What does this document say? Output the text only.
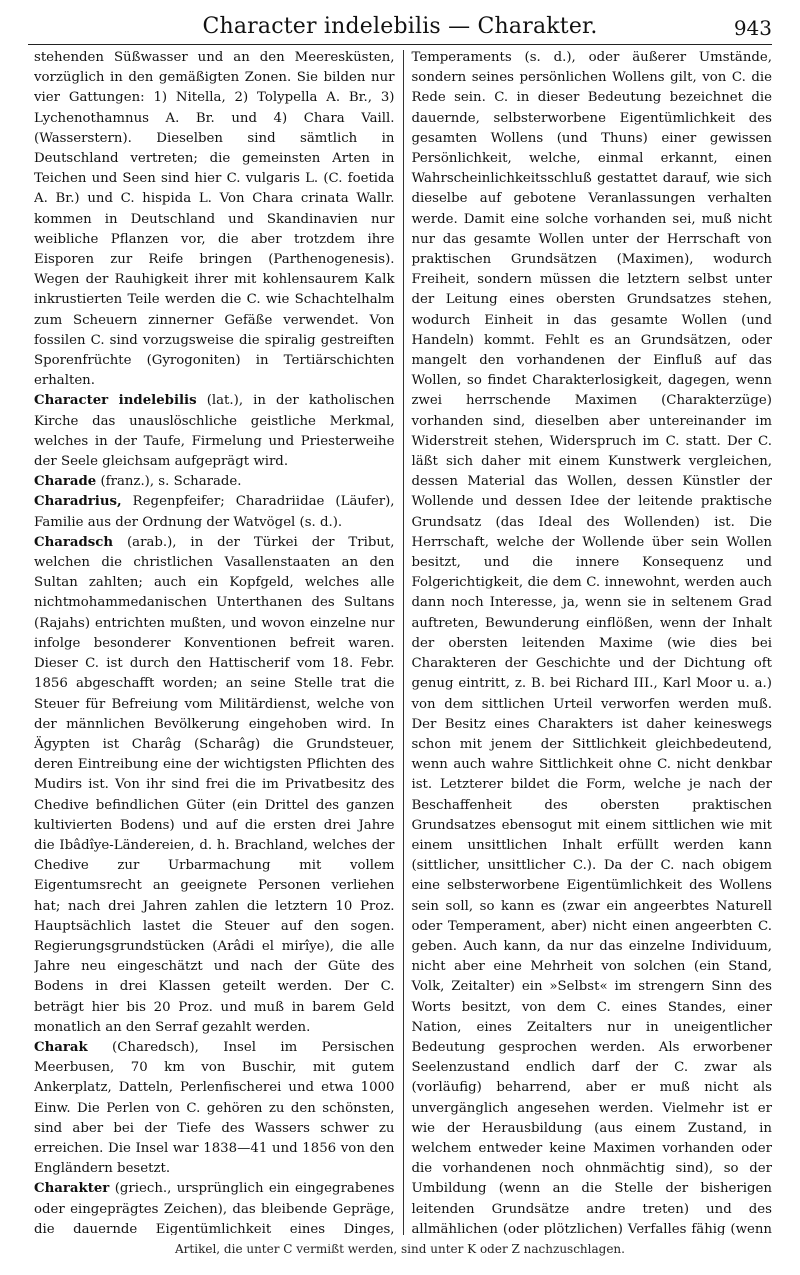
Character indelebilis — Charakter.	943

stehenden Süßwasser und an den Meeresküsten, vorzüglich in den gemäßigten Zonen. Sie bilden nur vier Gattungen: 1) Nitella, 2) Tolypella A. Br., 3) Lychenothamnus A. Br. und 4) Chara Vaill. (Wasserstern). Dieselben sind sämtlich in Deutschland vertreten; die gemeinsten Arten in Teichen und Seen sind hier C. vulgaris L. (C. foetida A. Br.) und C. hispida L. Von Chara crinata Wallr. kommen in Deutschland und Skandinavien nur weibliche Pflanzen vor, die aber trotzdem ihre Eisporen zur Reife bringen (Parthenogenesis). Wegen der Rauhigkeit ihrer mit kohlensaurem Kalk inkrustierten Teile werden die C. wie Schachtelhalm zum Scheuern zinnerner Gefäße verwendet. Von fossilen C. sind vorzugsweise die spiralig gestreiften Sporenfrüchte (Gyrogoniten) in Tertiärschichten erhalten.

Character indelebilis (lat.), in der katholischen Kirche das unauslöschliche geistliche Merkmal, welches in der Taufe, Firmelung und Priesterweihe der Seele gleichsam aufgeprägt wird.

Charade (franz.), s. Scharade.

Charadrius, Regenpfeifer; Charadriidae (Läufer), Familie aus der Ordnung der Watvögel (s. d.).

Charadsch (arab.), in der Türkei der Tribut, welchen die christlichen Vasallenstaaten an den Sultan zahlten; auch ein Kopfgeld, welches alle nichtmohammedanischen Unterthanen des Sultans (Rajahs) entrichten mußten, und wovon einzelne nur infolge besonderer Konventionen befreit waren. Dieser C. ist durch den Hattischerif vom 18. Febr. 1856 abgeschafft worden; an seine Stelle trat die Steuer für Befreiung vom Militärdienst, welche von der männlichen Bevölkerung eingehoben wird. In Ägypten ist Charâg (Scharâg) die Grundsteuer, deren Eintreibung eine der wichtigsten Pflichten des Mudirs ist. Von ihr sind frei die im Privatbesitz des Chedive befindlichen Güter (ein Drittel des ganzen kultivierten Bodens) und auf die ersten drei Jahre die Ibâdîye-Ländereien, d. h. Brachland, welches der Chedive zur Urbarmachung mit vollem Eigentumsrecht an geeignete Personen verliehen hat; nach drei Jahren zahlen die letztern 10 Proz. Hauptsächlich lastet die Steuer auf den sogen. Regierungsgrundstücken (Arâdi el mirîye), die alle Jahre neu eingeschätzt und nach der Güte des Bodens in drei Klassen geteilt werden. Der C. beträgt hier bis 20 Proz. und muß in barem Geld monatlich an den Serraf gezahlt werden.

Charak (Charedsch), Insel im Persischen Meerbusen, 70 km von Buschir, mit gutem Ankerplatz, Datteln, Perlenfischerei und etwa 1000 Einw. Die Perlen von C. gehören zu den schönsten, sind aber bei der Tiefe des Wassers schwer zu erreichen. Die Insel war 1838—41 und 1856 von den Engländern besetzt.

Charakter (griech., ursprünglich ein eingegrabenes oder eingeprägtes Zeichen), das bleibende Gepräge, die dauernde Eigentümlichkeit eines Dinges,

Temperaments (s. d.), oder äußerer Umstände, sondern seines persönlichen Wollens gilt, von C. die Rede sein. C. in dieser Bedeutung bezeichnet die dauernde, selbsterworbene Eigentümlichkeit des gesamten Wollens (und Thuns) einer gewissen Persönlichkeit, welche, einmal erkannt, einen Wahrscheinlichkeitsschluß gestattet darauf, wie sich dieselbe auf gebotene Veranlassungen verhalten werde. Damit eine solche vorhanden sei, muß nicht nur das gesamte Wollen unter der Herrschaft von praktischen Grundsätzen (Maximen), wodurch Freiheit, sondern müssen die letztern selbst unter der Leitung eines obersten Grundsatzes stehen, wodurch Einheit in das gesamte Wollen (und Handeln) kommt. Fehlt es an Grundsätzen, oder mangelt den vorhandenen der Einfluß auf das Wollen, so findet Charakterlosigkeit, dagegen, wenn zwei herrschende Maximen (Charakterzüge) vorhanden sind, dieselben aber untereinander im Widerstreit stehen, Widerspruch im C. statt. Der C. läßt sich daher mit einem Kunstwerk vergleichen, dessen Material das Wollen, dessen Künstler der Wollende und dessen Idee der leitende praktische Grundsatz (das Ideal des Wollenden) ist. Die Herrschaft, welche der Wollende über sein Wollen besitzt, und die innere Konsequenz und Folgerichtigkeit, die dem C. innewohnt, werden auch dann noch Interesse, ja, wenn sie in seltenem Grad auftreten, Bewunderung einflößen, wenn der Inhalt der obersten leitenden Maxime (wie dies bei Charakteren der Geschichte und der Dichtung oft genug eintritt, z. B. bei Richard III., Karl Moor u. a.) von dem sittlichen Urteil verworfen werden muß. Der Besitz eines Charakters ist daher keineswegs schon mit jenem der Sittlichkeit gleichbedeutend, wenn auch wahre Sittlichkeit ohne C. nicht denkbar ist. Letzterer bildet die Form, welche je nach der Beschaffenheit des obersten praktischen Grundsatzes ebensogut mit einem sittlichen wie mit einem unsittlichen Inhalt erfüllt werden kann (sittlicher, unsittlicher C.). Da der C. nach obigem eine selbsterworbene Eigentümlichkeit des Wollens sein soll, so kann es (zwar ein angeerbtes Naturell oder Temperament, aber) nicht einen angeerbten C. geben. Auch kann, da nur das einzelne Individuum, nicht aber eine Mehrheit von solchen (ein Stand, Volk, Zeitalter) ein »Selbst« im strengern Sinn des Worts besitzt, von dem C. eines Standes, einer Nation, eines Zeitalters nur in uneigentlicher Bedeutung gesprochen werden. Als erworbener Seelenzustand endlich darf der C. zwar als (vorläufig) beharrend, aber er muß nicht als unvergänglich angesehen werden. Vielmehr ist er wie der Herausbildung (aus einem Zustand, in welchem entweder keine Maximen vorhanden oder die vorhandenen noch ohnmächtig sind), so der Umbildung (wenn an die Stelle der bisherigen leitenden Grundsätze andre treten) und des allmählichen (oder plötzlichen) Verfalles fähig (wenn

Artikel, die unter C vermißt werden, sind unter K oder Z nachzuschlagen.
